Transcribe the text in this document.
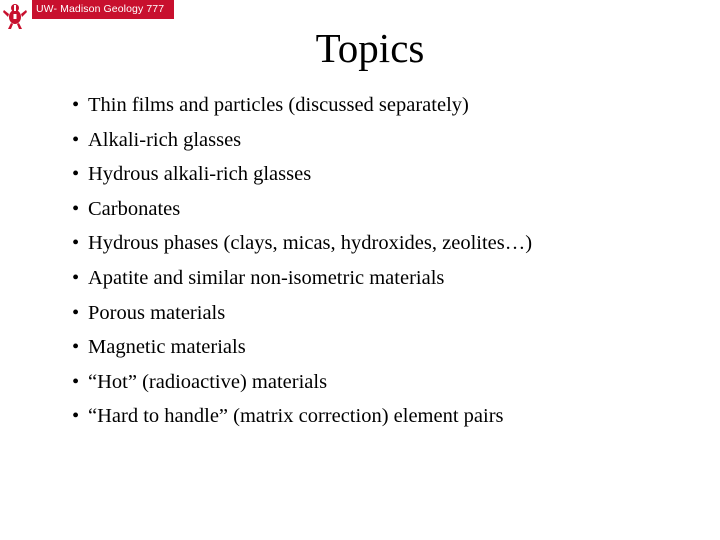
UW- Madison Geology 777
Topics
• Thin films and particles (discussed separately)
• Alkali-rich glasses
• Hydrous alkali-rich glasses
• Carbonates
• Hydrous phases (clays, micas, hydroxides, zeolites…)
• Apatite and similar non-isometric materials
• Porous materials
• Magnetic materials
• “Hot” (radioactive) materials
• “Hard to handle” (matrix correction) element pairs
